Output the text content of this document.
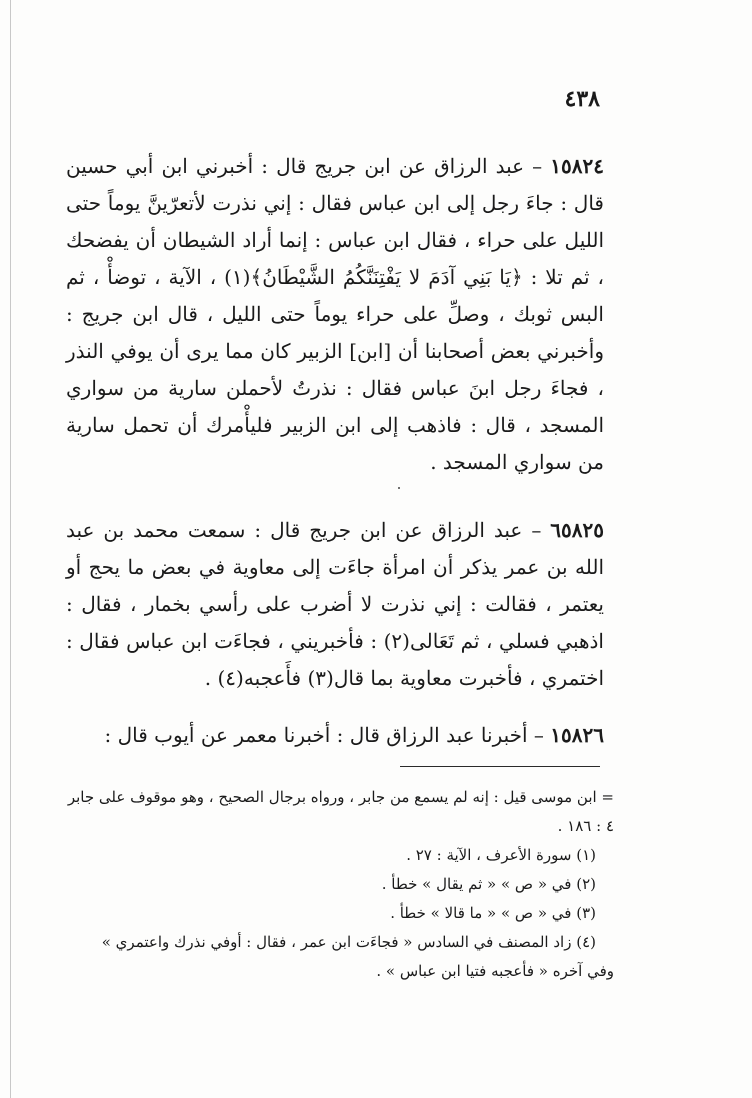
٤٣٨
١٥٨٢٤ – عبد الرزاق عن ابن جريج قال : أخبرني ابن أبي حسين قال : جاءَ رجل إلى ابن عباس فقال : إني نذرت لأتعرّينَّ يوماً حتى الليل على حراء ، فقال ابن عباس : إنما أراد الشيطان أن يفضحك ، ثم تلا : ﴿يَا بَنِي آدَمَ لا يَفْتِنَنَّكُمُ الشَّيْطَانُ﴾(١) ، الآية ، توضأْ ، ثم البس ثوبك ، وصلِّ على حراء يوماً حتى الليل ، قال ابن جريج : وأخبرني بعض أصحابنا أن [ابن] الزبير كان مما يرى أن يوفي النذر ، فجاءَ رجل ابنَ عباس فقال : نذرتُ لأحملن سارية من سواري المسجد ، قال : فاذهب إلى ابن الزبير فليأْمرك أن تحمل سارية من سواري المسجد .
٦٥٨٢٥ – عبد الرزاق عن ابن جريج قال : سمعت محمد بن عبد الله بن عمر يذكر أن امرأة جاءَت إلى معاوية في بعض ما يحج أو يعتمر ، فقالت : إني نذرت لا أضرب على رأسي بخمار ، فقال : اذهبي فسلي ، ثم تَعَالى(٢) : فأخبريني ، فجاءَت ابن عباس فقال : اختمري ، فأخبرت معاوية بما قال(٣) فأَعجبه(٤) .
١٥٨٢٦ – أخبرنا عبد الرزاق قال : أخبرنا معمر عن أيوب قال :
= ابن موسى قيل : إنه لم يسمع من جابر ، ورواه برجال الصحيح ، وهو موقوف على جابر
٤ : ١٨٦ .
(١) سورة الأعرف ، الآية : ٢٧ .
(٢) في « ص » « ثم يقال » خطأ .
(٣) في « ص » « ما قالا » خطأ .
(٤) زاد المصنف في السادس « فجاءَت ابن عمر ، فقال : أوفي نذرك واعتمري »
وفي آخره « فأعجبه فتيا ابن عباس » .
